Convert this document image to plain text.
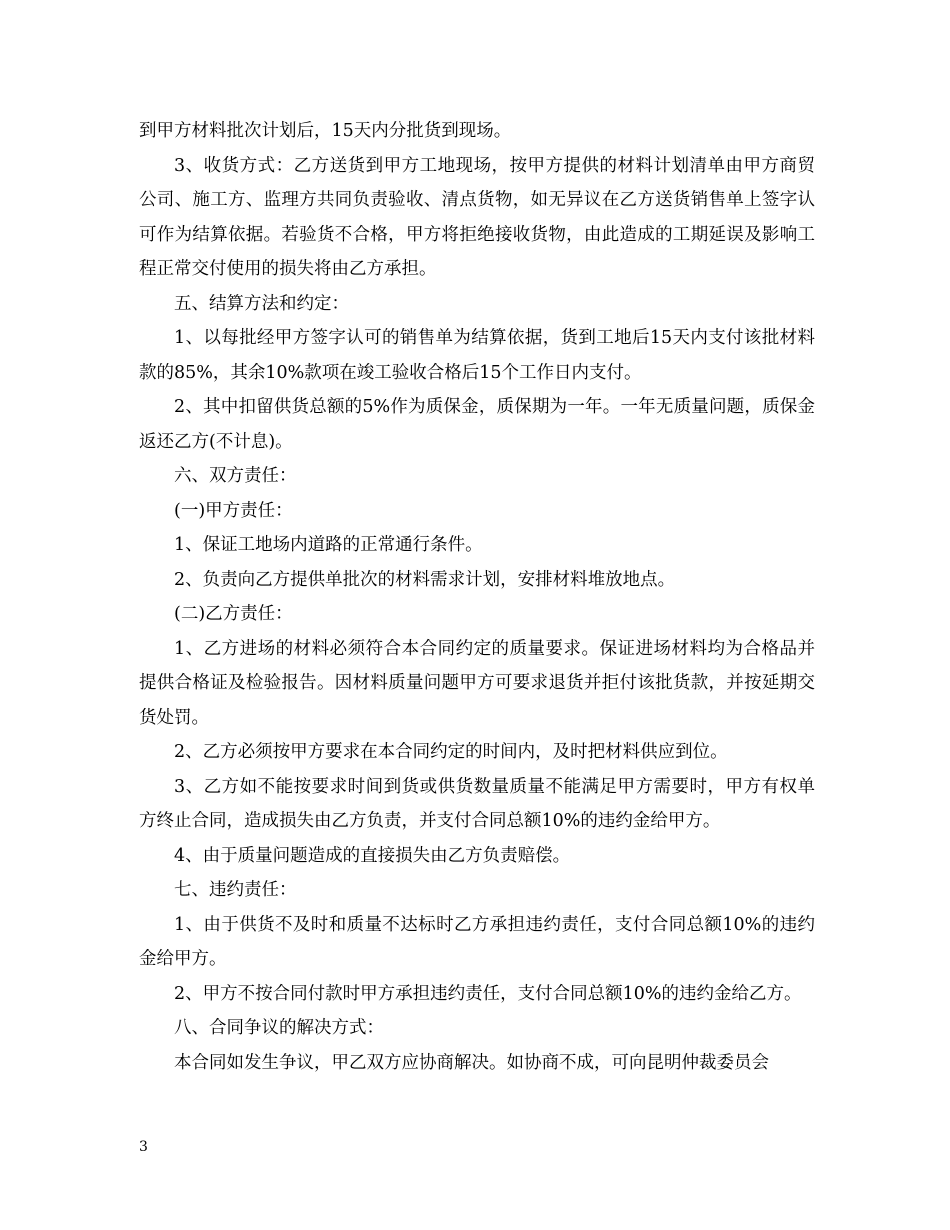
到甲方材料批次计划后，15天内分批货到现场。

3、收货方式：乙方送货到甲方工地现场，按甲方提供的材料计划清单由甲方商贸公司、施工方、监理方共同负责验收、清点货物，如无异议在乙方送货销售单上签字认可作为结算依据。若验货不合格，甲方将拒绝接收货物，由此造成的工期延误及影响工程正常交付使用的损失将由乙方承担。

五、结算方法和约定：

1、以每批经甲方签字认可的销售单为结算依据，货到工地后15天内支付该批材料款的85%，其余10%款项在竣工验收合格后15个工作日内支付。

2、其中扣留供货总额的5%作为质保金，质保期为一年。一年无质量问题，质保金返还乙方(不计息)。

六、双方责任：

(一)甲方责任：

1、保证工地场内道路的正常通行条件。

2、负责向乙方提供单批次的材料需求计划，安排材料堆放地点。

(二)乙方责任：

1、乙方进场的材料必须符合本合同约定的质量要求。保证进场材料均为合格品并提供合格证及检验报告。因材料质量问题甲方可要求退货并拒付该批货款，并按延期交货处罚。

2、乙方必须按甲方要求在本合同约定的时间内，及时把材料供应到位。

3、乙方如不能按要求时间到货或供货数量质量不能满足甲方需要时，甲方有权单方终止合同，造成损失由乙方负责，并支付合同总额10%的违约金给甲方。

4、由于质量问题造成的直接损失由乙方负责赔偿。

七、违约责任：

1、由于供货不及时和质量不达标时乙方承担违约责任，支付合同总额10%的违约金给甲方。

2、甲方不按合同付款时甲方承担违约责任，支付合同总额10%的违约金给乙方。

八、合同争议的解决方式：

本合同如发生争议，甲乙双方应协商解决。如协商不成，可向昆明仲裁委员会

3
